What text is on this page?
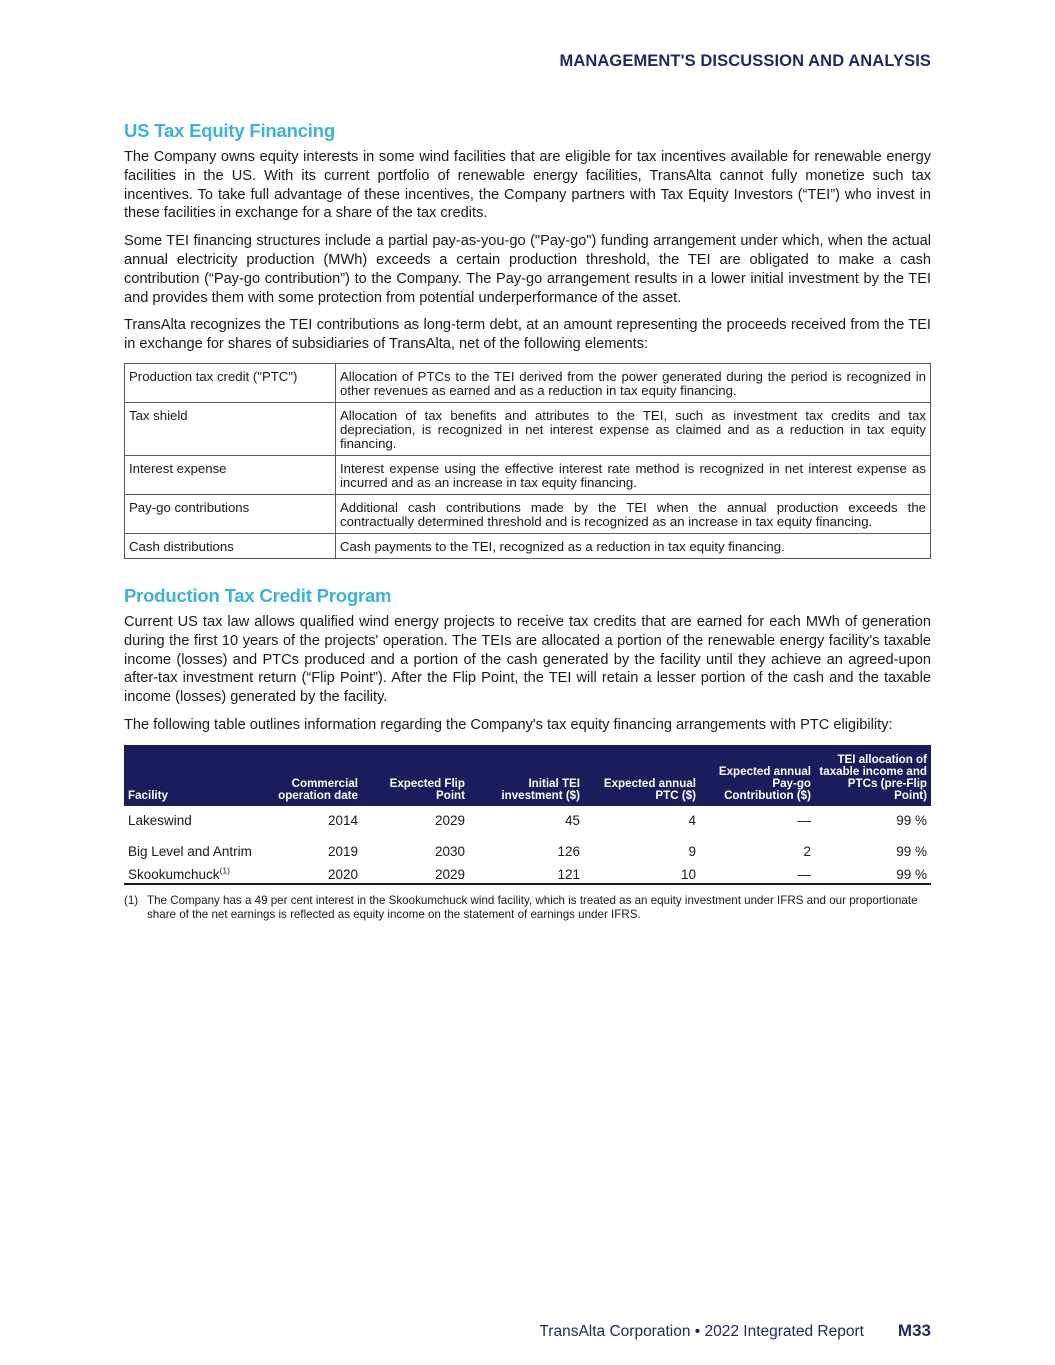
MANAGEMENT'S DISCUSSION AND ANALYSIS
US Tax Equity Financing

The Company owns equity interests in some wind facilities that are eligible for tax incentives available for renewable energy facilities in the US. With its current portfolio of renewable energy facilities, TransAlta cannot fully monetize such tax incentives. To take full advantage of these incentives, the Company partners with Tax Equity Investors (“TEI”) who invest in these facilities in exchange for a share of the tax credits.

Some TEI financing structures include a partial pay-as-you-go ("Pay-go") funding arrangement under which, when the actual annual electricity production (MWh) exceeds a certain production threshold, the TEI are obligated to make a cash contribution (“Pay-go contribution”) to the Company. The Pay-go arrangement results in a lower initial investment by the TEI and provides them with some protection from potential underperformance of the asset.

TransAlta recognizes the TEI contributions as long-term debt, at an amount representing the proceeds received from the TEI in exchange for shares of subsidiaries of TransAlta, net of the following elements:

Production tax credit ("PTC")	Allocation of PTCs to the TEI derived from the power generated during the period is recognized in other revenues as earned and as a reduction in tax equity financing.
Tax shield	Allocation of tax benefits and attributes to the TEI, such as investment tax credits and tax depreciation, is recognized in net interest expense as claimed and as a reduction in tax equity financing.
Interest expense	Interest expense using the effective interest rate method is recognized in net interest expense as incurred and as an increase in tax equity financing.
Pay-go contributions	Additional cash contributions made by the TEI when the annual production exceeds the contractually determined threshold and is recognized as an increase in tax equity financing.
Cash distributions	Cash payments to the TEI, recognized as a reduction in tax equity financing.
Production Tax Credit Program

Current US tax law allows qualified wind energy projects to receive tax credits that are earned for each MWh of generation during the first 10 years of the projects' operation. The TEIs are allocated a portion of the renewable energy facility's taxable income (losses) and PTCs produced and a portion of the cash generated by the facility until they achieve an agreed-upon after-tax investment return (“Flip Point”). After the Flip Point, the TEI will retain a lesser portion of the cash and the taxable income (losses) generated by the facility.

The following table outlines information regarding the Company's tax equity financing arrangements with PTC eligibility:

Facility	Commercial operation date	Expected Flip Point	Initial TEI investment ($)	Expected annual PTC ($)	Expected annual Pay-go Contribution ($)	TEI allocation of taxable income and PTCs (pre-Flip Point)
Lakeswind	2014	2029	45	4	—	99 %
Big Level and Antrim	2019	2030	126	9	2	99 %
Skookumchuck$^{(1)}$	2020	2029	121	10	—	99 %
(1) The Company has a 49 per cent interest in the Skookumchuck wind facility, which is treated as an equity investment under IFRS and our proportionate share of the net earnings is reflected as equity income on the statement of earnings under IFRS.
TransAlta Corporation • 2022 Integrated Report M33
